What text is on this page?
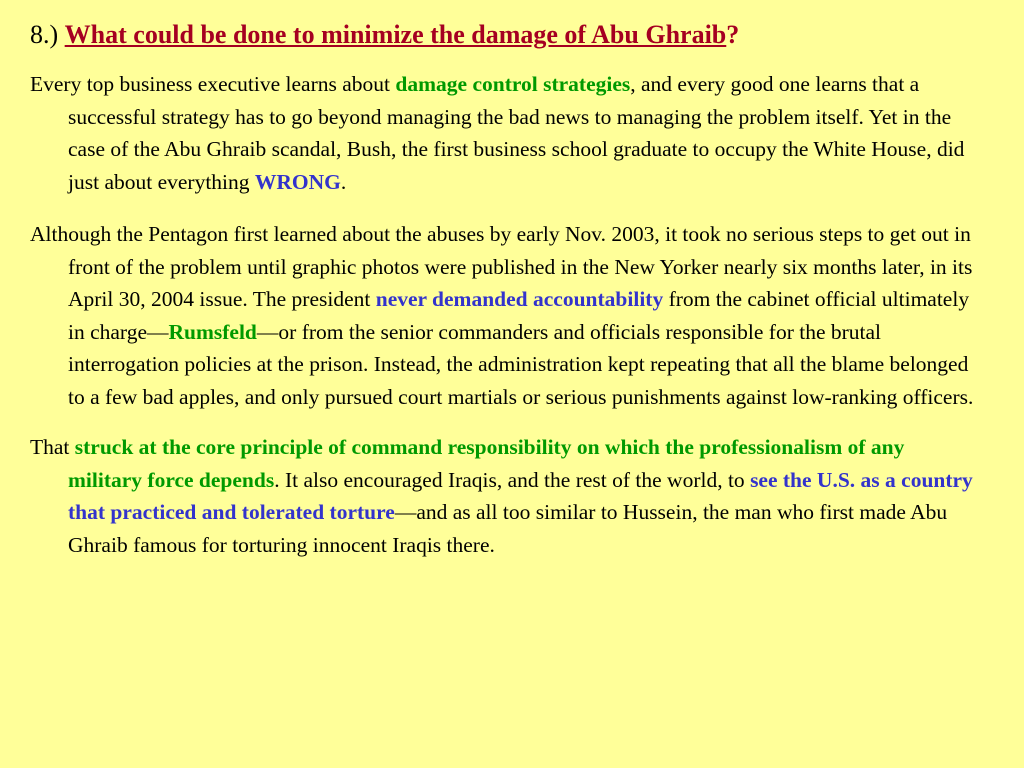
8.) What could be done to minimize the damage of Abu Ghraib?

Every top business executive learns about damage control strategies, and every good one learns that a successful strategy has to go beyond managing the bad news to managing the problem itself. Yet in the case of the Abu Ghraib scandal, Bush, the first business school graduate to occupy the White House, did just about everything WRONG.

Although the Pentagon first learned about the abuses by early Nov. 2003, it took no serious steps to get out in front of the problem until graphic photos were published in the New Yorker nearly six months later, in its April 30, 2004 issue. The president never demanded accountability from the cabinet official ultimately in charge—Rumsfeld—or from the senior commanders and officials responsible for the brutal interrogation policies at the prison. Instead, the administration kept repeating that all the blame belonged to a few bad apples, and only pursued court martials or serious punishments against low-ranking officers.

That struck at the core principle of command responsibility on which the professionalism of any military force depends. It also encouraged Iraqis, and the rest of the world, to see the U.S. as a country that practiced and tolerated torture—and as all too similar to Hussein, the man who first made Abu Ghraib famous for torturing innocent Iraqis there.
